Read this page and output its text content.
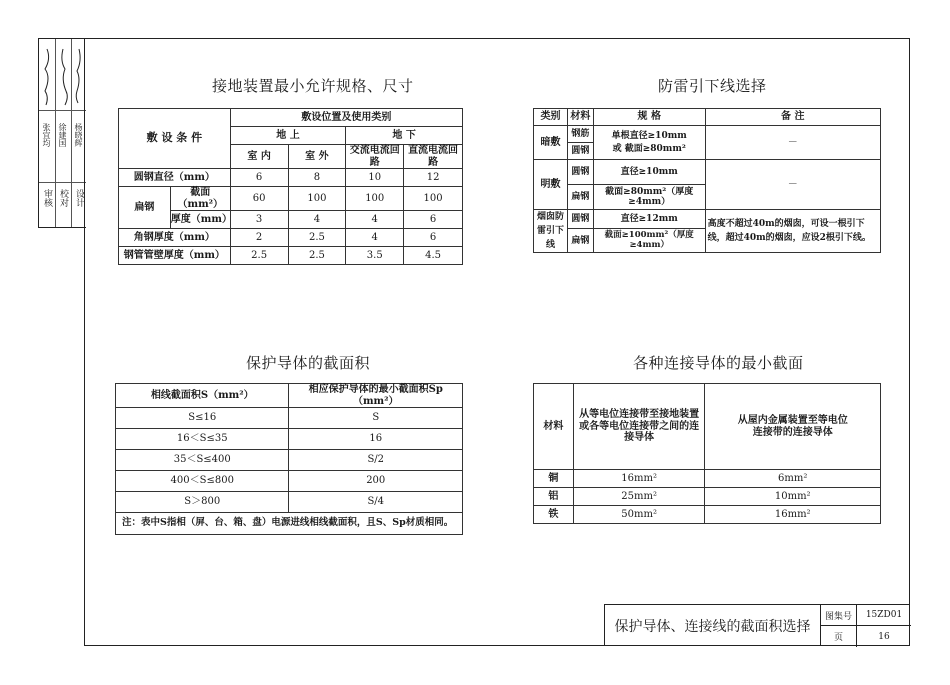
审核 校对 设计
张宜均 徐建国 杨晓辉
接地装置最小允许规格、尺寸
敷 设 条 件		敷设位置及使用类别			
		地 上		地 下	
		室 内	室 外	交流电流回路	直流电流回路
圆钢直径（mm）		6	8	10	12
扁钢	截面（mm²）	60	100	100	100
	厚度（mm）	3	4	4	6
角钢厚度（mm）		2	2.5	4	6
钢管管壁厚度（mm）		2.5	2.5	3.5	4.5
防雷引下线选择
类别	材料	规 格	备 注
暗敷	钢筋	单根直径≥10mm
或 截面≥80mm²	－
	圆钢		
明敷	圆钢	直径≥10mm	－
	扁钢	截面≥80mm²（厚度≥4mm）	
烟囱防雷引下线	圆钢	直径≥12mm	高度不超过40m的烟囱，可设一根引下线，超过40m的烟囱，应设2根引下线。
	扁钢	截面≥100mm²（厚度≥4mm）	
保护导体的截面积
相线截面积S（mm²）	相应保护导体的最小截面积Sp（mm²）
S≤16	S
16＜S≤35	16
35＜S≤400	S/2
400＜S≤800	200
S＞800	S/4
注：表中S指相（屏、台、箱、盘）电源进线相线截面积，且S、Sp材质相同。	
各种连接导体的最小截面
材料	从等电位连接带至接地装置或各等电位连接带之间的连接导体	从屋内金属装置至等电位连接带的连接导体
铜	16mm²	6mm²
铝	25mm²	10mm²
铁	50mm²	16mm²
保护导体、连接线的截面积选择
图集号	15ZD01
页	16
